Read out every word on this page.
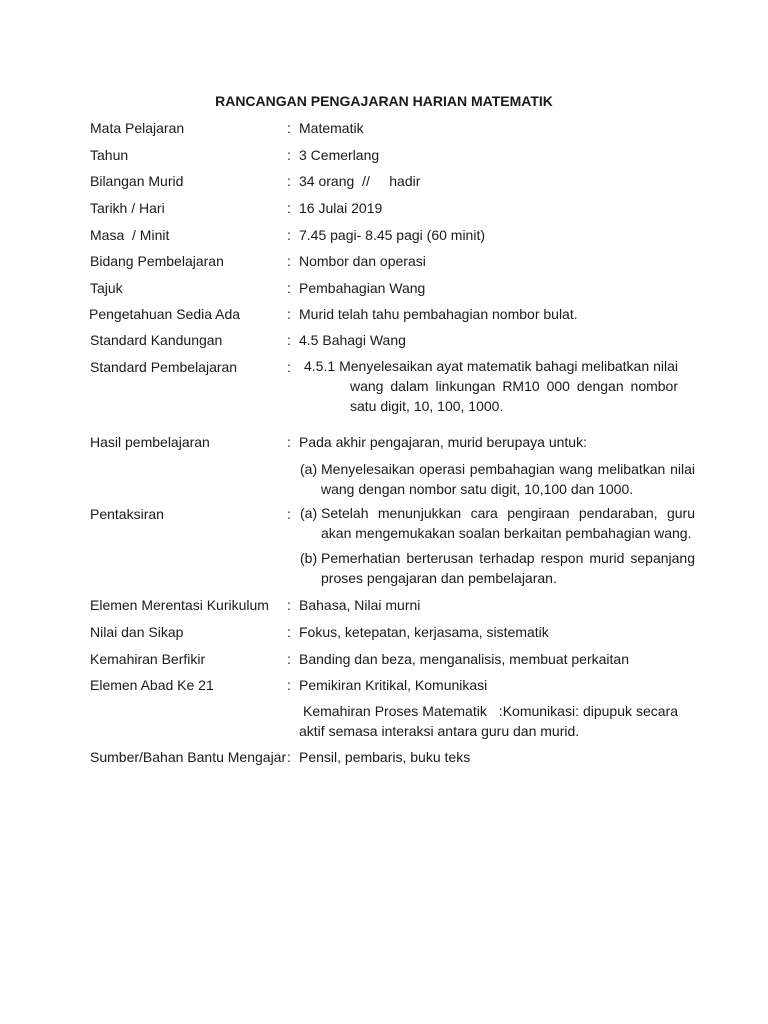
RANCANGAN PENGAJARAN HARIAN MATEMATIK
Mata Pelajaran	: Matematik
Tahun	: 3 Cemerlang
Bilangan Murid	: 34 orang  //     hadir
Tarikh / Hari	: 16 Julai 2019
Masa  / Minit	: 7.45 pagi- 8.45 pagi (60 minit)
Bidang Pembelajaran	: Nombor dan operasi
Tajuk	: Pembahagian Wang
Pengetahuan Sedia Ada	: Murid telah tahu pembahagian nombor bulat.
Standard Kandungan	: 4.5 Bahagi Wang
Standard Pembelajaran	: 4.5.1 Menyelesaikan ayat matematik bahagi melibatkan nilai wang dalam linkungan RM10 000 dengan nombor satu digit, 10, 100, 1000.
Hasil pembelajaran	: Pada akhir pengajaran, murid berupaya untuk:
(a) Menyelesaikan operasi pembahagian wang melibatkan nilai wang dengan nombor satu digit, 10,100 dan 1000.
Pentaksiran	: (a) Setelah menunjukkan cara pengiraan pendaraban, guru akan mengemukakan soalan berkaitan pembahagian wang.
(b) Pemerhatian berterusan terhadap respon murid sepanjang proses pengajaran dan pembelajaran.
Elemen Merentasi Kurikulum : Bahasa, Nilai murni
Nilai dan Sikap	: Fokus, ketepatan, kerjasama, sistematik
Kemahiran Berfikir	: Banding dan beza, menganalisis, membuat perkaitan
Elemen Abad Ke 21	: Pemikiran Kritikal, Komunikasi
Kemahiran Proses Matematik   :Komunikasi: dipupuk secara aktif semasa interaksi antara guru dan murid.
Sumber/Bahan Bantu Mengajar : Pensil, pembaris, buku teks
